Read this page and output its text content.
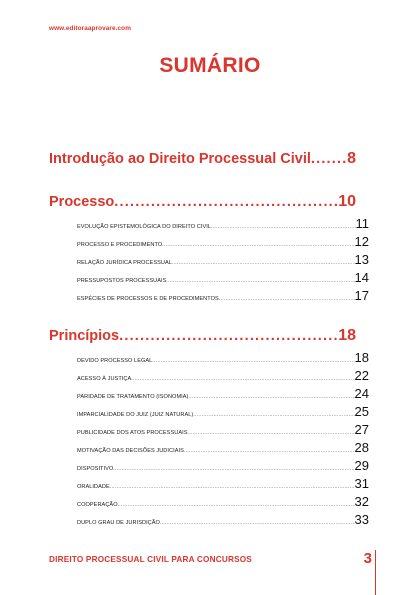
www.editoraaprovare.com
SUMÁRIO
Introdução ao Direito Processual Civil ..... 8
Processo .....	10
EVOLUÇÃO EPISTEMOLÓGICA DO DIREITO CIVIL .....	11
PROCESSO E PROCEDIMENTO .....	12
RELAÇÃO JURÍDICA PROCESSUAL .....	13
PRESSUPOSTOS PROCESSUAIS .....	14
ESPÉCIES DE PROCESSOS E DE PROCEDIMENTOS .....	17
Princípios .....	18
DEVIDO PROCESSO LEGAL .....	18
ACESSO À JUSTIÇA .....	22
PARIDADE DE TRATAMENTO (ISONOMIA) .....	24
IMPARCIALIDADE DO JUIZ (JUIZ NATURAL) .....	25
PUBLICIDADE DOS ATOS PROCESSUAIS .....	27
MOTIVAÇÃO DAS DECISÕES JUDICIAIS .....	28
DISPOSITIVO .....	29
ORALIDADE .....	31
COOPERAÇÃO .....	32
DUPLO GRAU DE JURISDIÇÃO .....	33
DIREITO PROCESSUAL CIVIL PARA CONCURSOS	3
